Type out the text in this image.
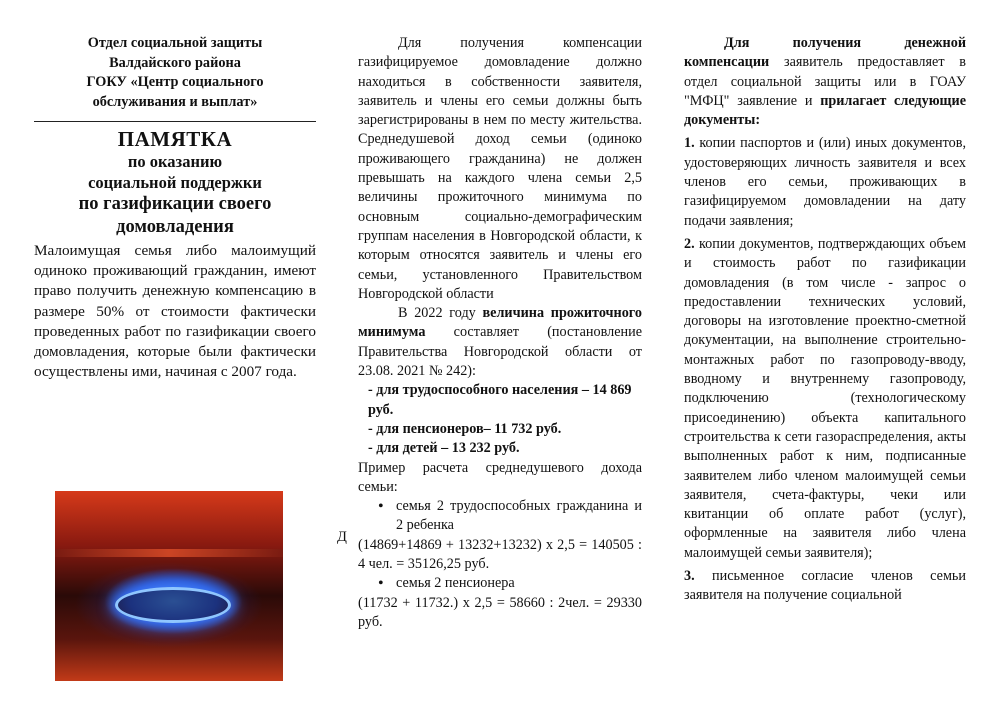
Отдел социальной защиты
Валдайского района
ГОКУ «Центр социального
обслуживания и выплат»
ПАМЯТКА
по оказанию
социальной поддержки
по газификации своего
домовладения
Малоимущая семья либо малоимущий одиноко проживающий гражданин, имеют право получить денежную компенсацию в размере 50% от стоимости фактически проведенных работ по газификации своего домовладения, которые были фактически осуществлены ими, начиная с 2007 года.

Для получения компенсации газифицируемое домовладение должно находиться в собственности заявителя, заявитель и члены его семьи должны быть зарегистрированы в нем по месту жительства. Среднедушевой доход семьи (одиноко проживающего гражданина) не должен превышать на каждого члена семьи 2,5 величины прожиточного минимума по основным социально-демографическим группам населения в Новгородской области, к которым относятся заявитель и члены его семьи, установленного Правительством Новгородской области

В 2022 году величина прожиточного минимума составляет (постановление Правительства Новгородской области от 23.08. 2021 № 242):

- для трудоспособного населения – 14 869 руб.

- для пенсионеров– 11 732 руб.

- для детей – 13 232 руб.

Пример расчета среднедушевого дохода семьи:

• семья 2 трудоспособных гражданина и 2 ребенка

(14869+14869 + 13232+13232) х 2,5 = 140505 : 4 чел. = 35126,25 руб.

• семья 2 пенсионера

(11732 + 11732.) х 2,5 = 58660 : 2чел. = 29330 руб.

Д

Для получения денежной компенсации заявитель предоставляет в отдел социальной защиты или в ГОАУ "МФЦ" заявление и прилагает следующие документы:

1. копии паспортов и (или) иных документов, удостоверяющих личность заявителя и всех членов его семьи, проживающих в газифицируемом домовладении на дату подачи заявления;

2. копии документов, подтверждающих объем и стоимость работ по газификации домовладения (в том числе - запрос о предоставлении технических условий, договоры на изготовление проектно-сметной документации, на выполнение строительно-монтажных работ по газопроводу-вводу, вводному и внутреннему газопроводу, подключению (технологическому присоединению) объекта капитального строительства к сети газораспределения, акты выполненных работ к ним, подписанные заявителем либо членом малоимущей семьи заявителя, счета-фактуры, чеки или квитанции об оплате работ (услуг), оформленные на заявителя либо члена малоимущей семьи заявителя);

3. письменное согласие членов семьи заявителя на получение социальной
